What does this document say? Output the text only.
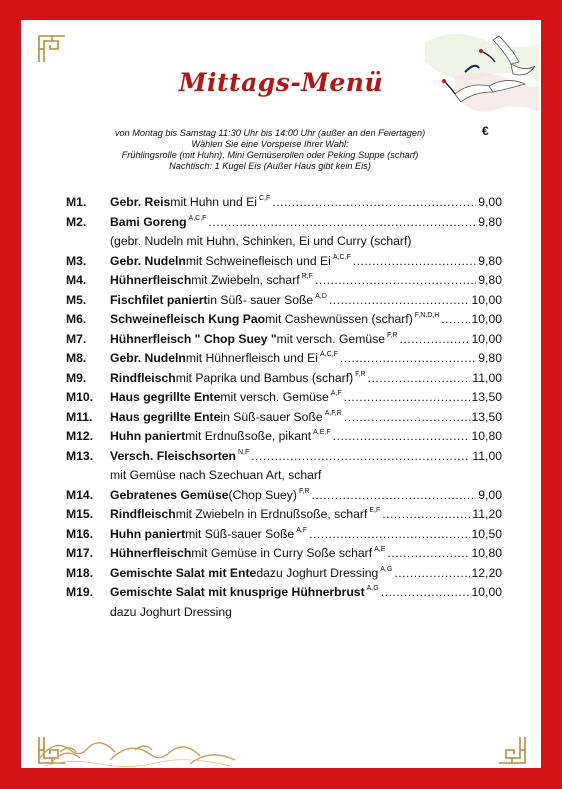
Mittags-Menü
von Montag bis Samstag 11:30 Uhr bis 14:00 Uhr (außer an den Feiertagen)
Wählen Sie eine Vorspeise Ihrer Wahl:
Frühlingsrolle (mit Huhn), Mini Gemüserollen oder Peking Suppe (scharf)
Nachtisch: 1 Kugel Eis (Außer Haus gibt kein Eis)
€
M1. Gebr. Reis mit Huhn und Ei C,F .....	9,00
M2. Bami Goreng A,C,F .....	9,80
(gebr. Nudeln mit Huhn, Schinken, Ei und Curry (scharf)
M3. Gebr. Nudeln mit Schweinefleisch und Ei A,C,F .....	9,80
M4. Hühnerfleisch mit Zwiebeln, scharf R,F .....	9,80
M5. Fischfilet paniert in Süß- sauer Soße A,D .....	10,00
M6. Schweinefleisch Kung Pao mit Cashewnüssen (scharf) F,N,D,H .....	10,00
M7. Hühnerfleisch " Chop Suey " mit versch. Gemüse F,R .....	10,00
M8. Gebr. Nudeln mit Hühnerfleisch und Ei A,C,F .....	9,80
M9. Rindfleisch mit Paprika und Bambus (scharf) F,R .....	11,00
M10. Haus gegrillte Ente mit versch. Gemüse A,F .....	13,50
M11. Haus gegrillte Ente in Süß-sauer Soße A,F,R .....	13,50
M12. Huhn paniert mit Erdnußsoße, pikant A,E,F .....	10,80
M13. Versch. Fleischsorten N,F .....	11,00
mit Gemüse nach Szechuan Art, scharf
M14. Gebratenes Gemüse (Chop Suey) F,R .....	9,00
M15. Rindfleisch mit Zwiebeln in Erdnußsoße, scharf E,F .....	11,20
M16. Huhn paniert mit Süß-sauer Soße A,F .....	10,50
M17. Hühnerfleisch mit Gemüse in Curry Soße scharf A,E .....	10,80
M18. Gemischte Salat mit Ente dazu Joghurt Dressing A,G .....	12,20
M19. Gemischte Salat mit knusprige Hühnerbrust A,G .....	10,00
dazu Joghurt Dressing
